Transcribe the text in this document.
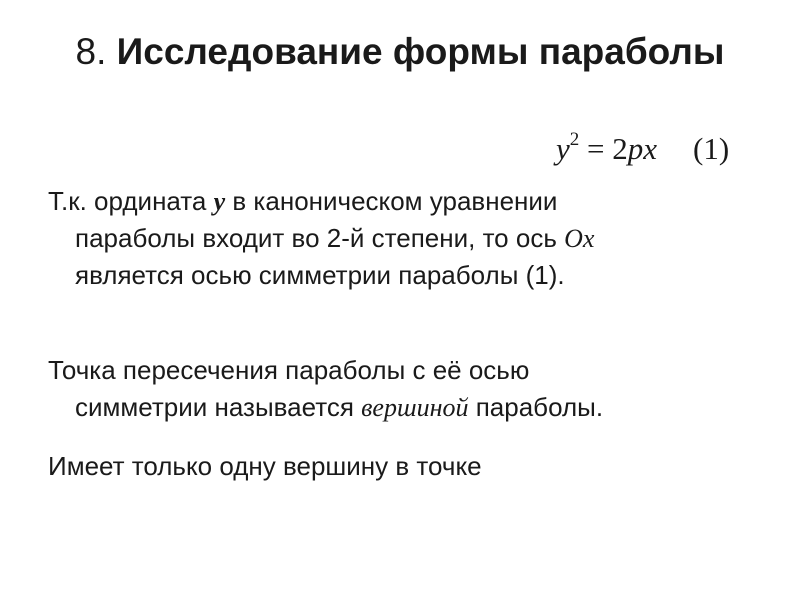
8. Исследование формы параболы
$y^2 = 2px$ (1)
Т.к. ордината y в каноническом уравнении
параболы входит во 2-й степени, то ось Ox
является осью симметрии параболы (1).
Точка пересечения параболы с её осью
симметрии называется вершиной параболы.
Имеет только одну вершину в точке
